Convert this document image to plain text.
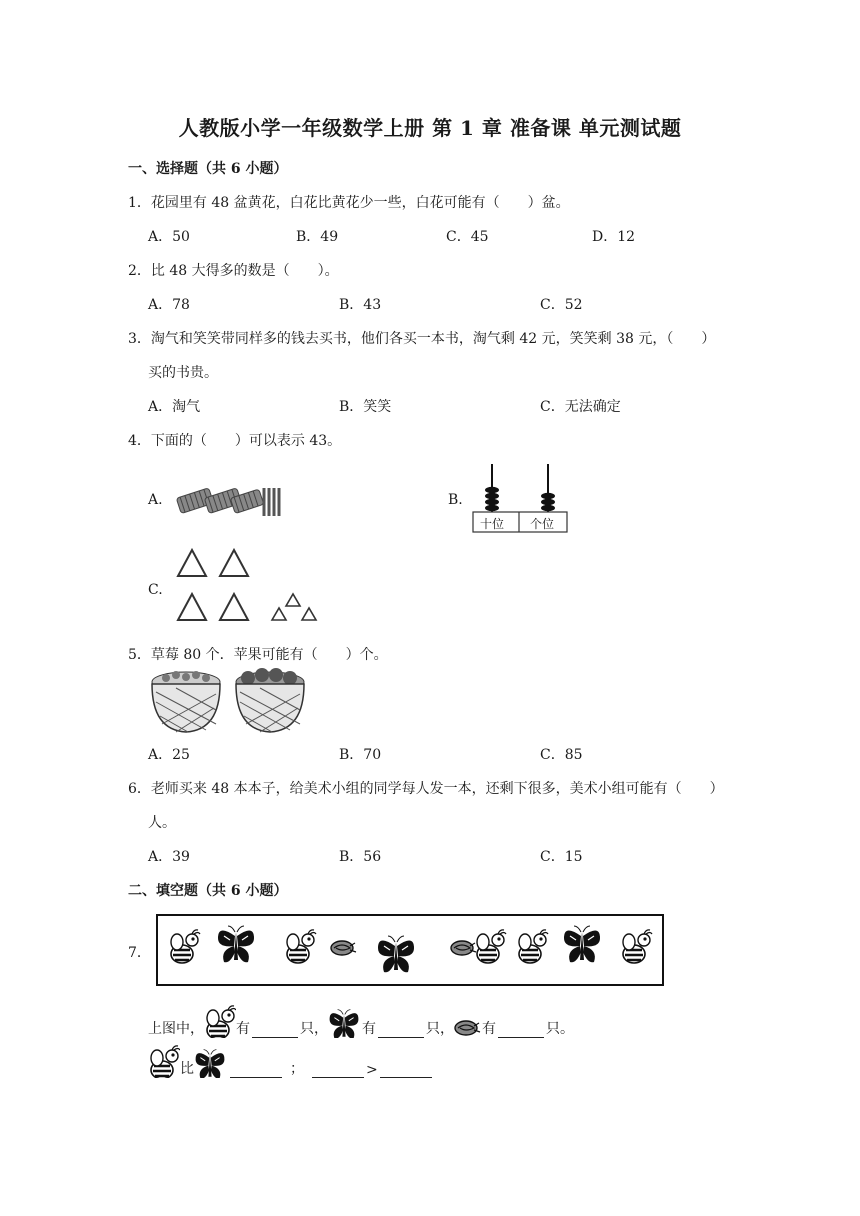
人教版小学一年级数学上册 第 1 章 准备课 单元测试题
一、选择题（共 6 小题）
1．花园里有 48 盆黄花，白花比黄花少一些，白花可能有（　　）盆。
A．50	B．49	C．45	D．12
2．比 48 大得多的数是（　　）。
A．78	B．43	C．52
3．淘气和笑笑带同样多的钱去买书，他们各买一本书，淘气剩 42 元，笑笑剩 38 元，（　　）
买的书贵。
A．淘气	B．笑笑	C．无法确定
4．下面的（　　）可以表示 43。
A.	B.
十位 个位
C.
5．草莓 80 个．苹果可能有（　　）个。
A．25	B．70	C．85
6．老师买来 48 本本子，给美术小组的同学每人发一本，还剩下很多，美术小组可能有（　　）
人。
A．39	B．56	C．15
二、填空题（共 6 小题）
7．
上图中， 有	只， 有	只， 有	只。
比	；	>
